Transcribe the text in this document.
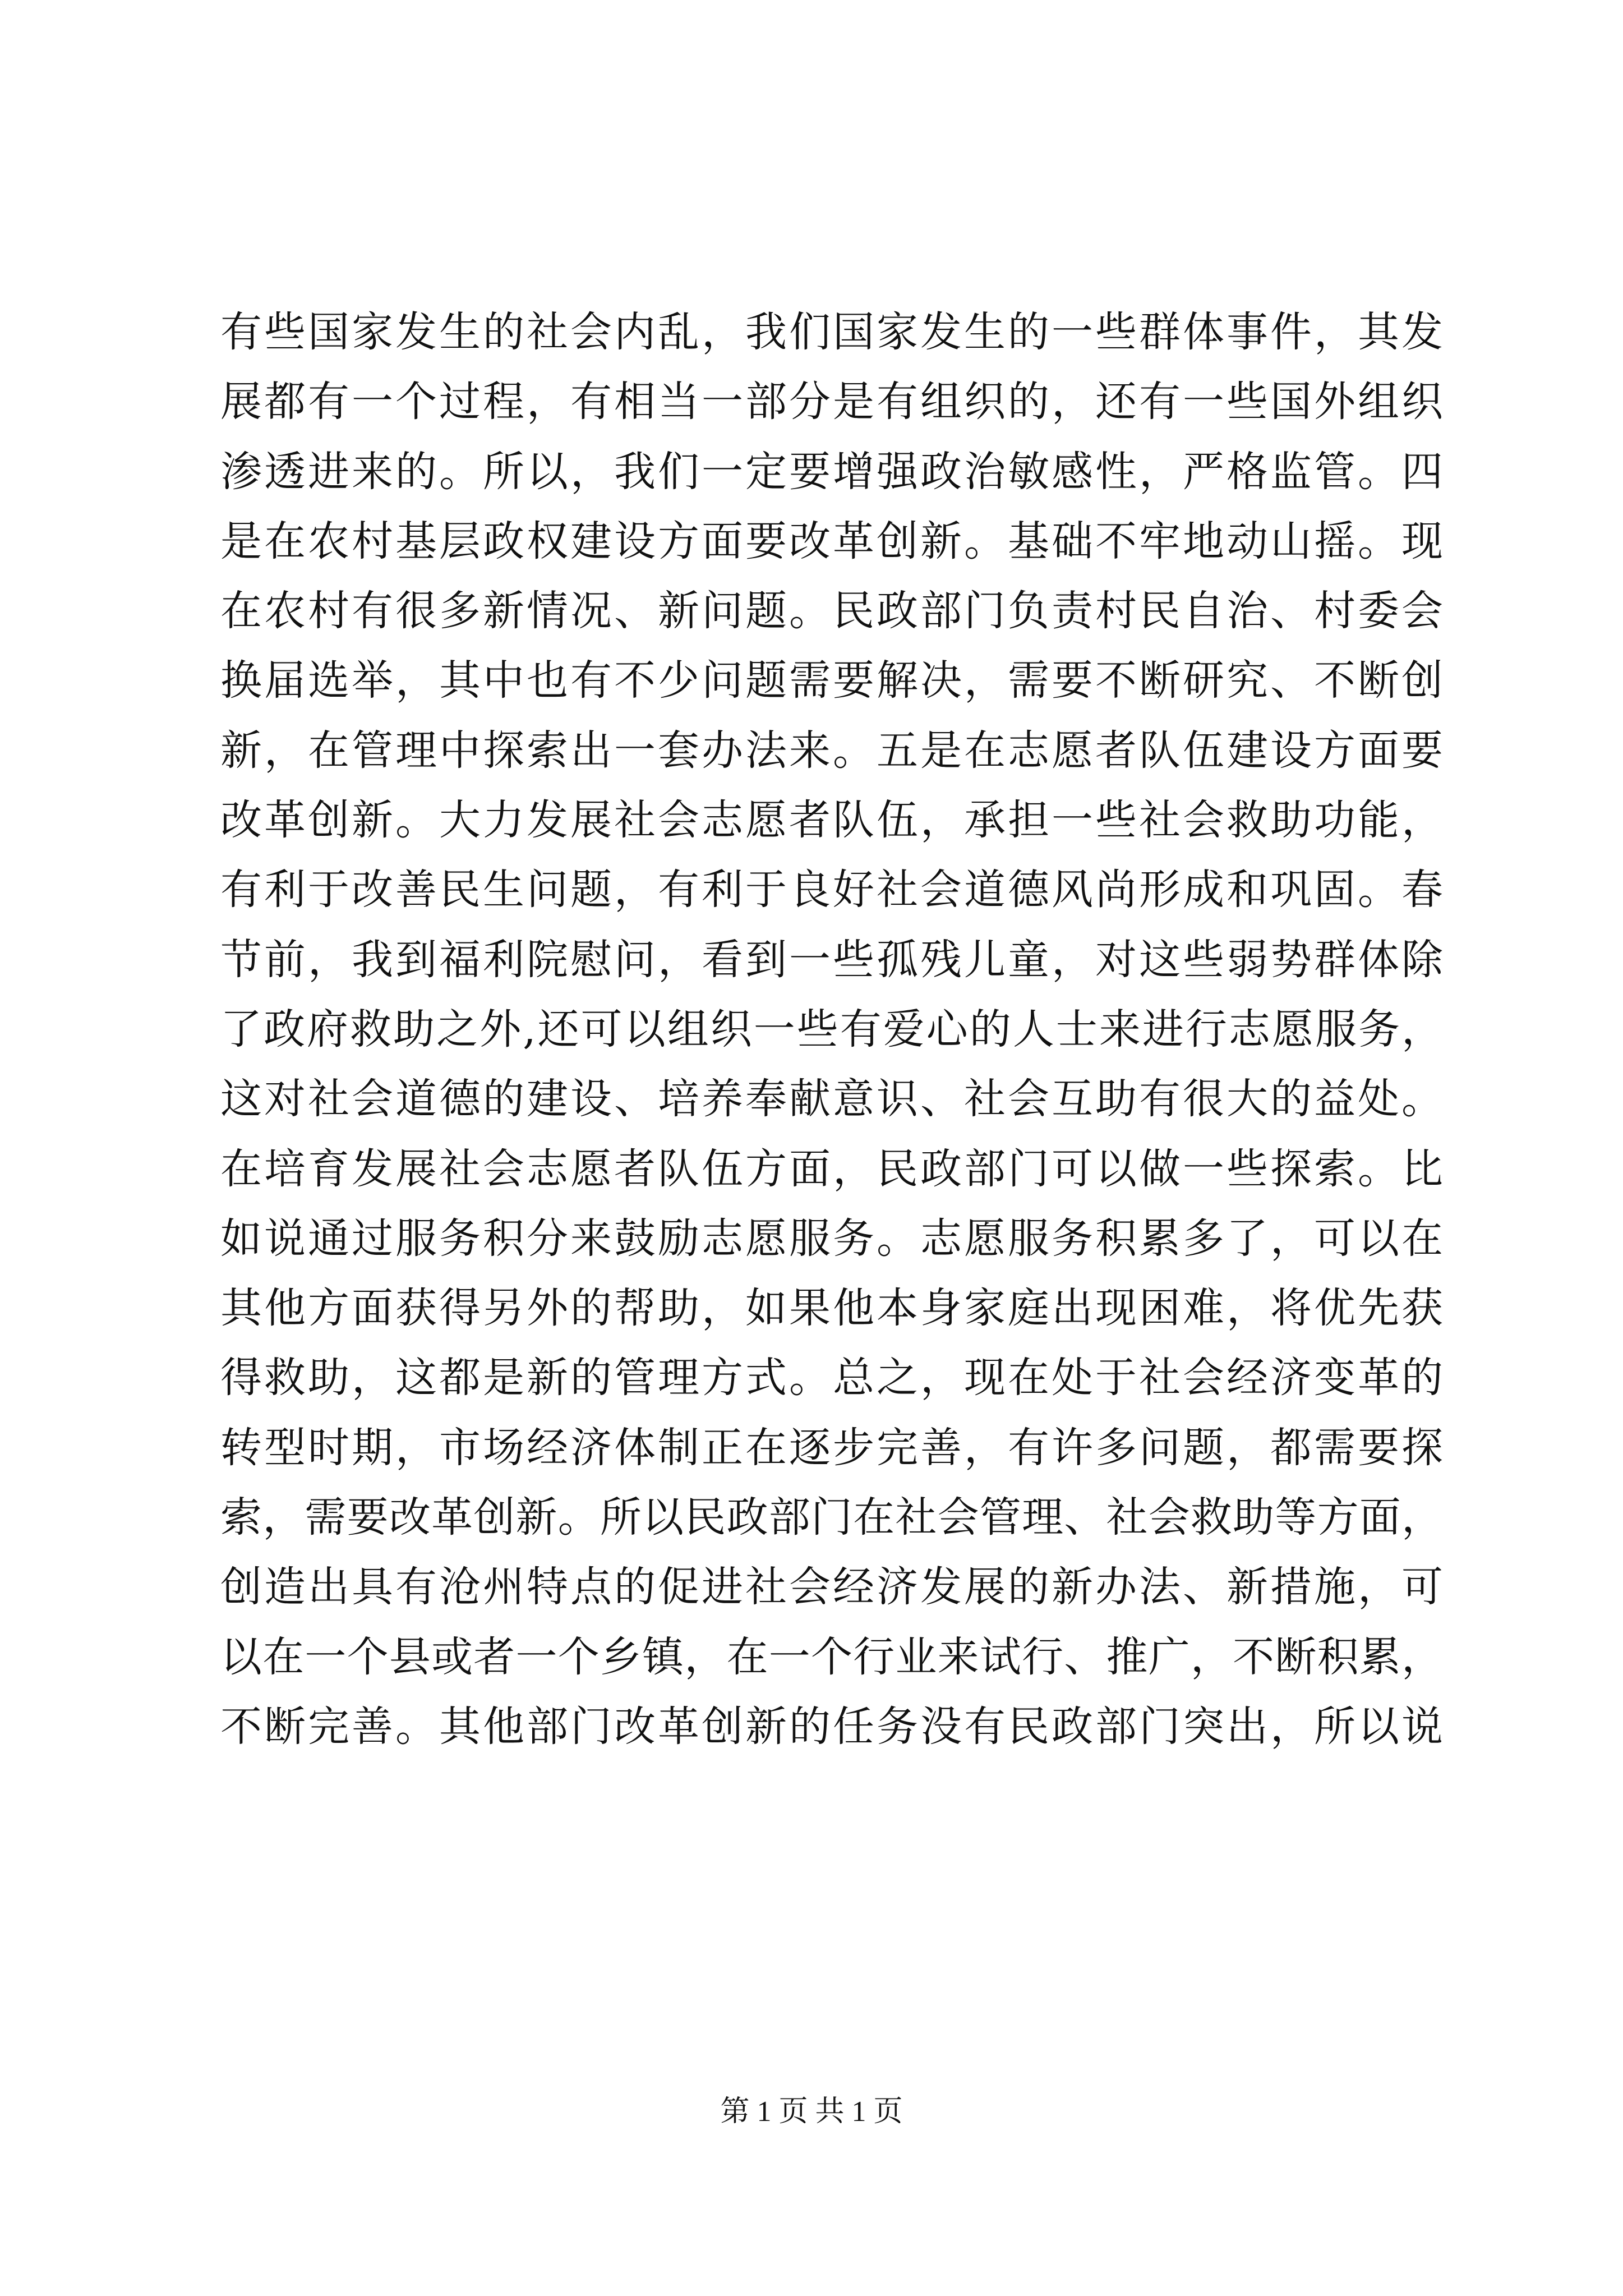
有些国家发生的社会内乱，我们国家发生的一些群体事件，其发
展都有一个过程，有相当一部分是有组织的，还有一些国外组织
渗透进来的。所以，我们一定要增强政治敏感性，严格监管。四
是在农村基层政权建设方面要改革创新。基础不牢地动山摇。现
在农村有很多新情况、新问题。民政部门负责村民自治、村委会
换届选举，其中也有不少问题需要解决，需要不断研究、不断创
新，在管理中探索出一套办法来。五是在志愿者队伍建设方面要
改革创新。大力发展社会志愿者队伍，承担一些社会救助功能，
有利于改善民生问题，有利于良好社会道德风尚形成和巩固。春
节前，我到福利院慰问，看到一些孤残儿童，对这些弱势群体除
了政府救助之外,还可以组织一些有爱心的人士来进行志愿服务，
这对社会道德的建设、培养奉献意识、社会互助有很大的益处。
在培育发展社会志愿者队伍方面，民政部门可以做一些探索。比
如说通过服务积分来鼓励志愿服务。志愿服务积累多了，可以在
其他方面获得另外的帮助，如果他本身家庭出现困难，将优先获
得救助，这都是新的管理方式。总之，现在处于社会经济变革的
转型时期，市场经济体制正在逐步完善，有许多问题，都需要探
索，需要改革创新。所以民政部门在社会管理、社会救助等方面，
创造出具有沧州特点的促进社会经济发展的新办法、新措施，可
以在一个县或者一个乡镇，在一个行业来试行、推广，不断积累，
不断完善。其他部门改革创新的任务没有民政部门突出，所以说
第 1 页 共 1 页
